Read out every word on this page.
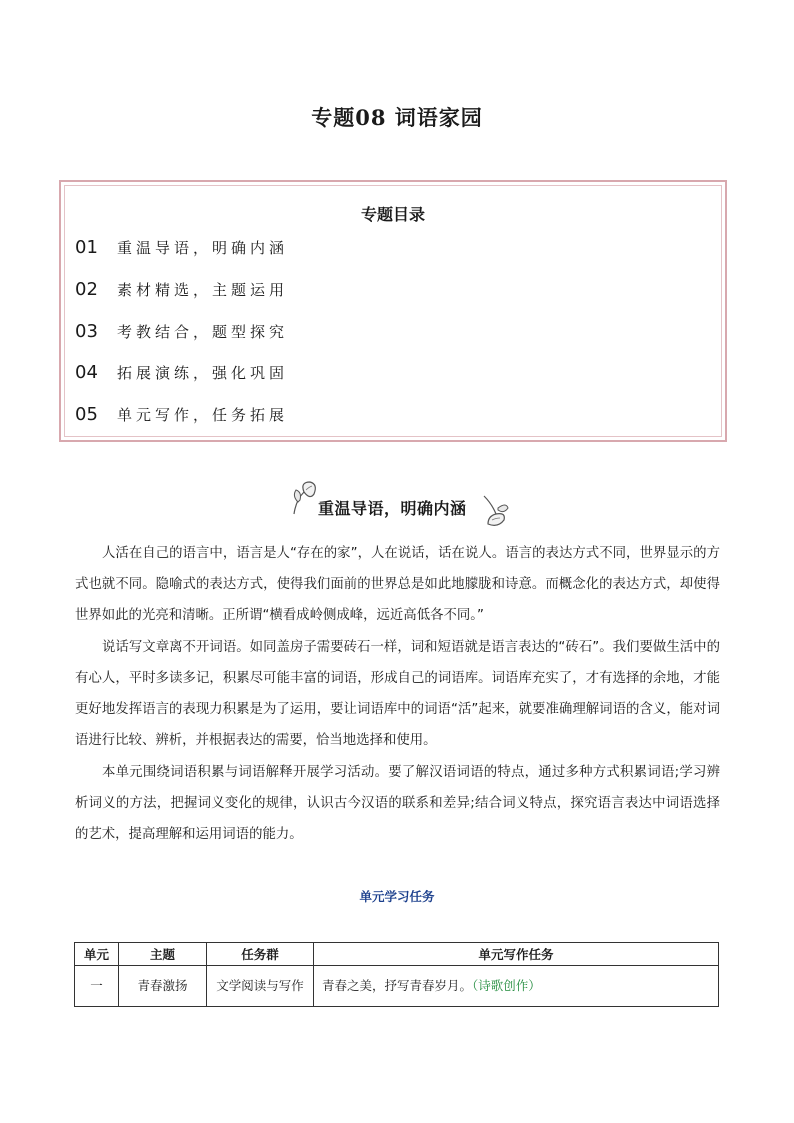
专题08 词语家园
专题目录
01	重温导语，明确内涵
02	素材精选，主题运用
03	考教结合，题型探究
04	拓展演练，强化巩固
05	单元写作，任务拓展
重温导语，明确内涵

人活在自己的语言中，语言是人“存在的家”，人在说话，话在说人。语言的表达方式不同，世界显示的方式也就不同。隐喻式的表达方式，使得我们面前的世界总是如此地朦胧和诗意。而概念化的表达方式，却使得世界如此的光亮和清晰。正所谓“横看成岭侧成峰，远近高低各不同。”

说话写文章离不开词语。如同盖房子需要砖石一样，词和短语就是语言表达的“砖石”。我们要做生活中的有心人，平时多读多记，积累尽可能丰富的词语，形成自己的词语库。词语库充实了，才有选择的余地，才能更好地发挥语言的表现力积累是为了运用，要让词语库中的词语“活”起来，就要准确理解词语的含义，能对词语进行比较、辨析，并根据表达的需要，恰当地选择和使用。

本单元围绕词语积累与词语解释开展学习活动。要了解汉语词语的特点，通过多种方式积累词语;学习辨析词义的方法，把握词义变化的规律，认识古今汉语的联系和差异;结合词义特点，探究语言表达中词语选择的艺术，提高理解和运用词语的能力。

单元学习任务
单元	主题	任务群	单元写作任务
一	青春激扬	文学阅读与写作	青春之美，抒写青春岁月。（诗歌创作）
